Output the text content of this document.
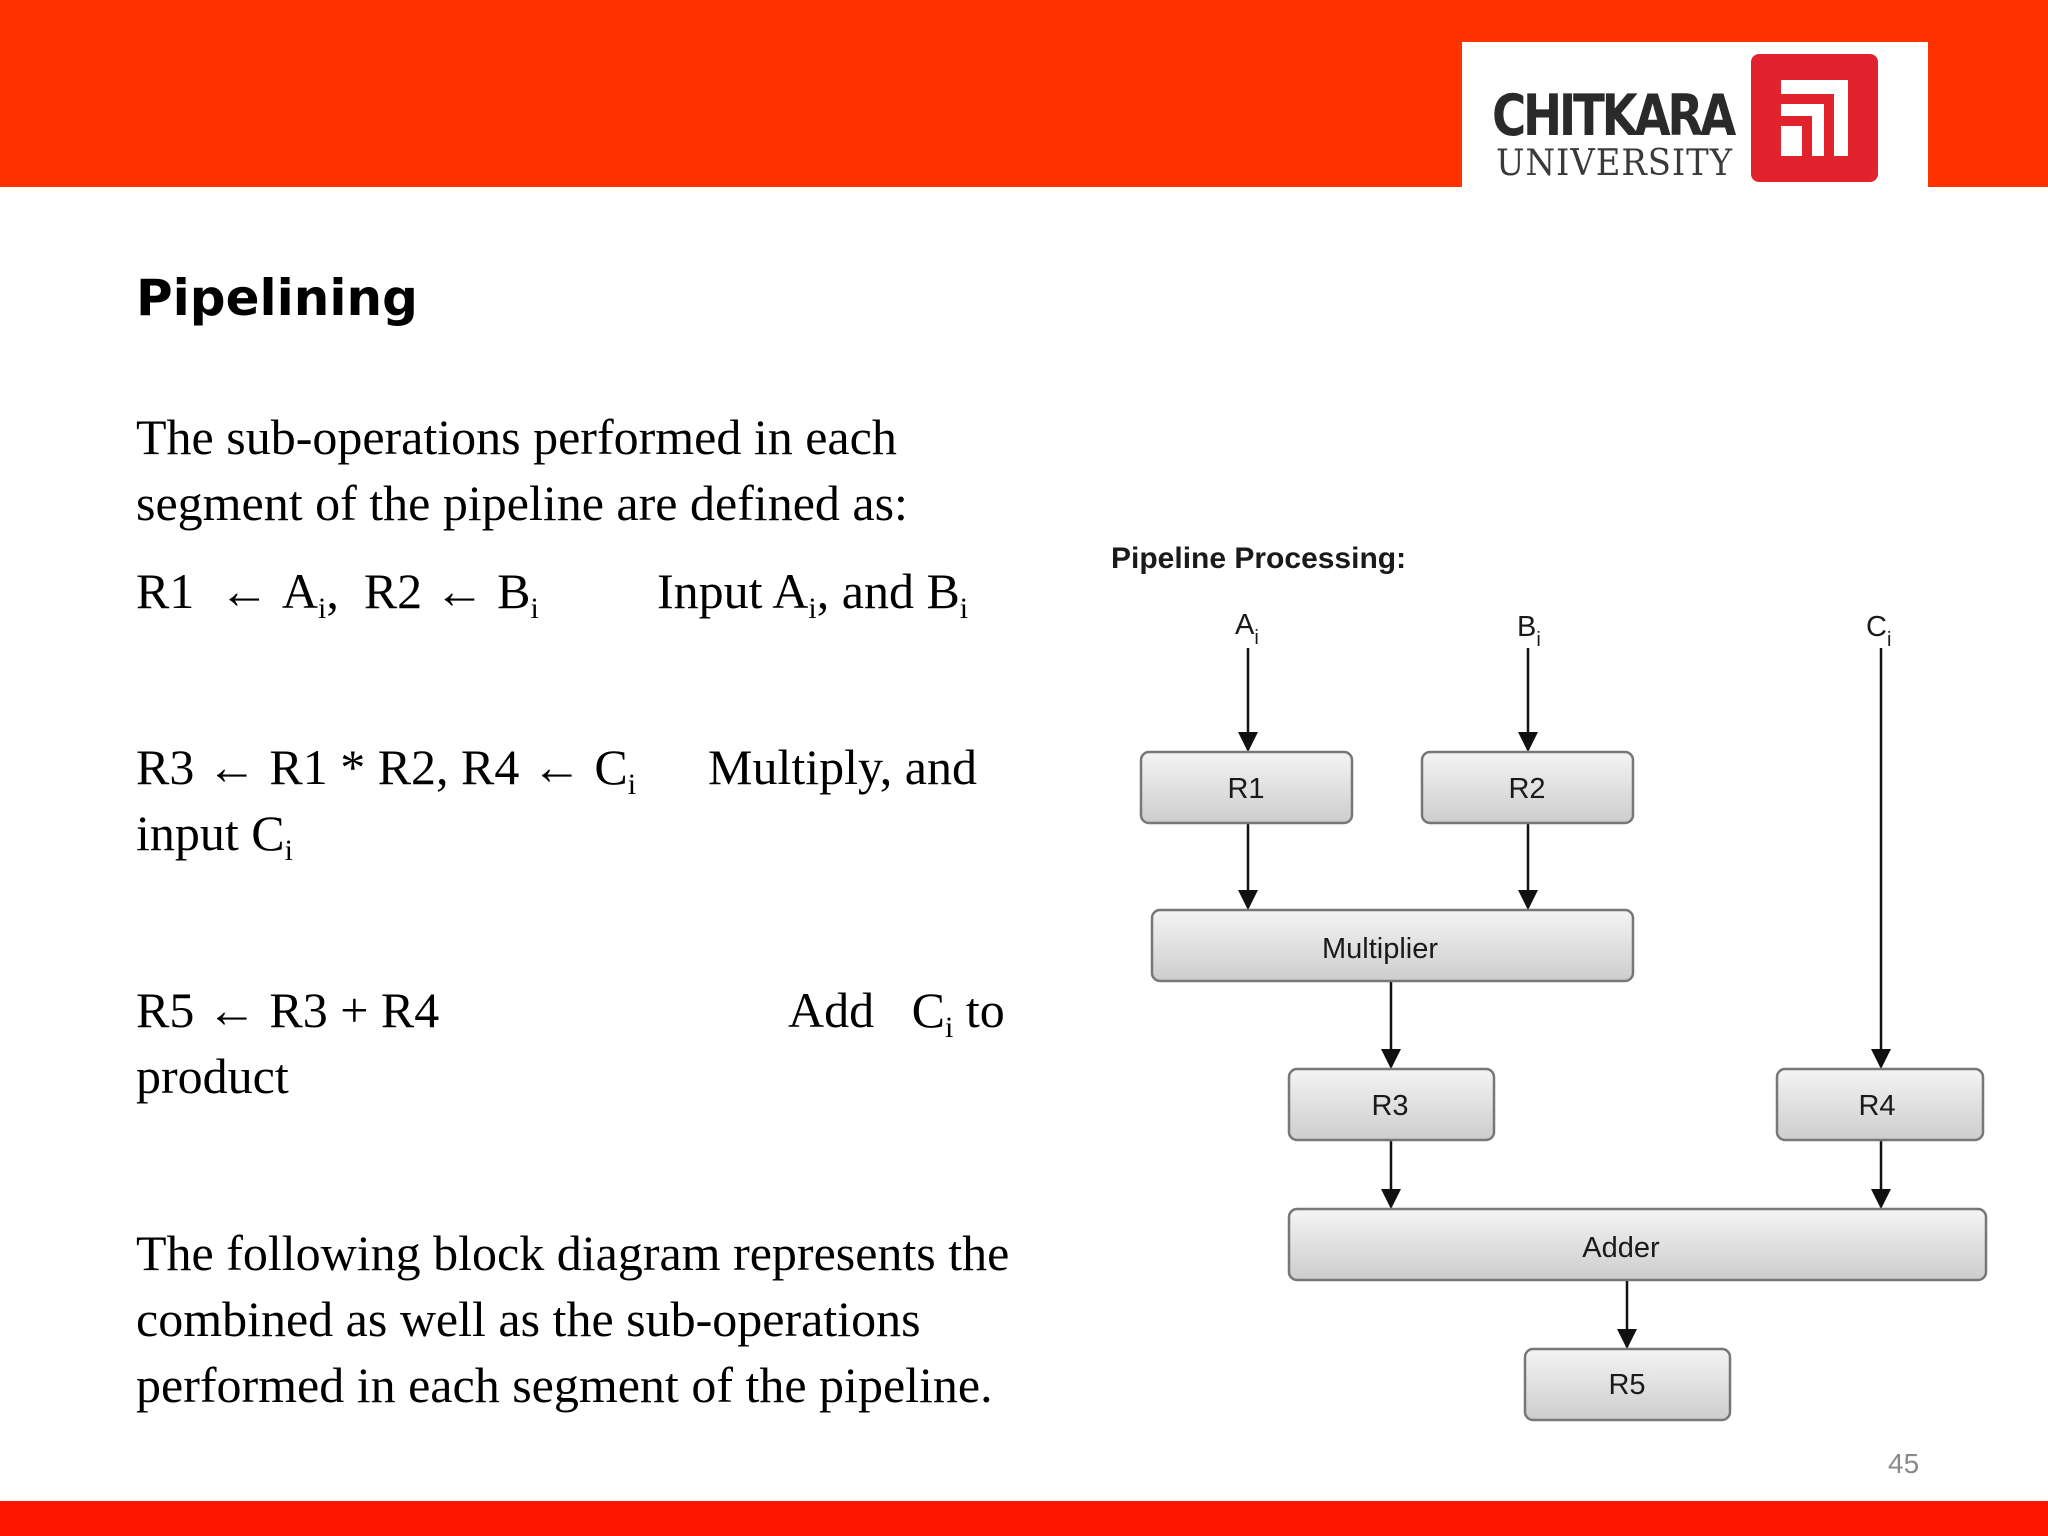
CHITKARA
UNIVERSITY
Pipelining
The sub-operations performed in each
segment of the pipeline are defined as:
R1 ← $A_i$, R2 ← $B_i$ Input $A_i$, and $B_i$
R3 ← R1 * R2, R4 ← $C_i$ Multiply, and
input $C_i$
R5 ← R3 + R4	Add $C_i$ to
product
The following block diagram represents the
combined as well as the sub-operations
performed in each segment of the pipeline.
Pipeline Processing:
$A_i$	$B_i$	$C_i$
R1	R2
Multiplier
R3	R4
Adder
R5
45
